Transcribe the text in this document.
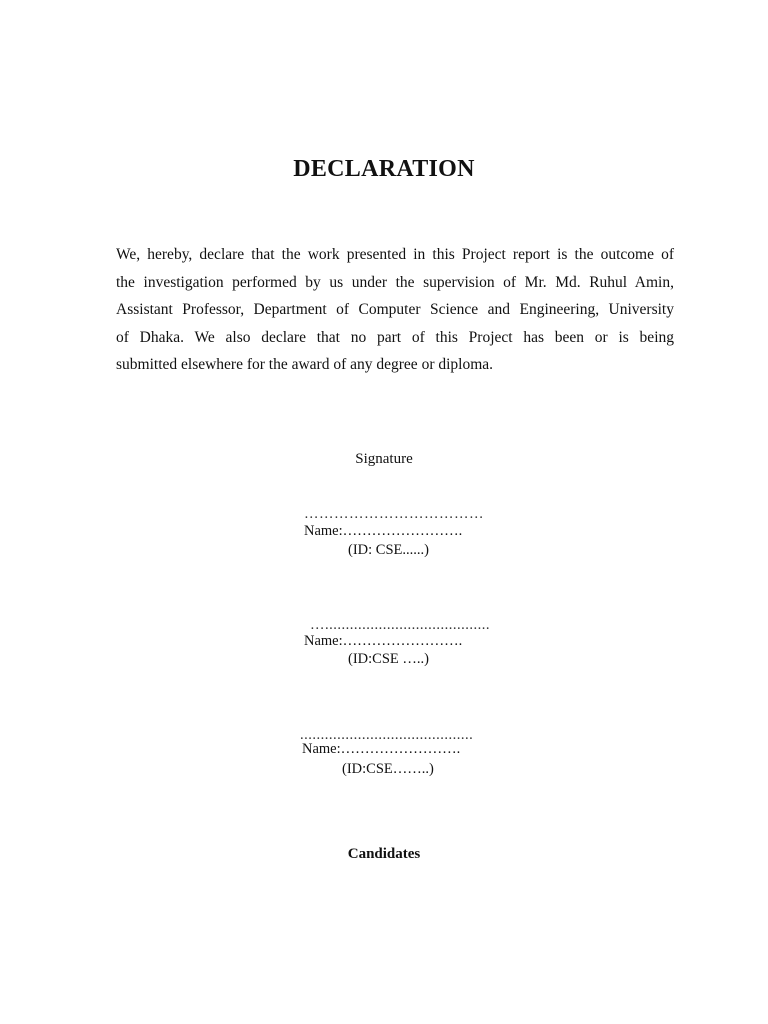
DECLARATION
We, hereby, declare that the work presented in this Project report is the outcome of
the investigation performed by us under the supervision of Mr. Md. Ruhul Amin,
Assistant Professor, Department of Computer Science and Engineering, University
of Dhaka. We also declare that no part of this Project has been or is being
submitted elsewhere for the award of any degree or diploma.
Signature
………………………………
Name:…………………….
(ID: CSE......)
…........................................
Name:…………………….
(ID:CSE …..)
..........................................
Name:…………………….
(ID:CSE……..)
Candidates
